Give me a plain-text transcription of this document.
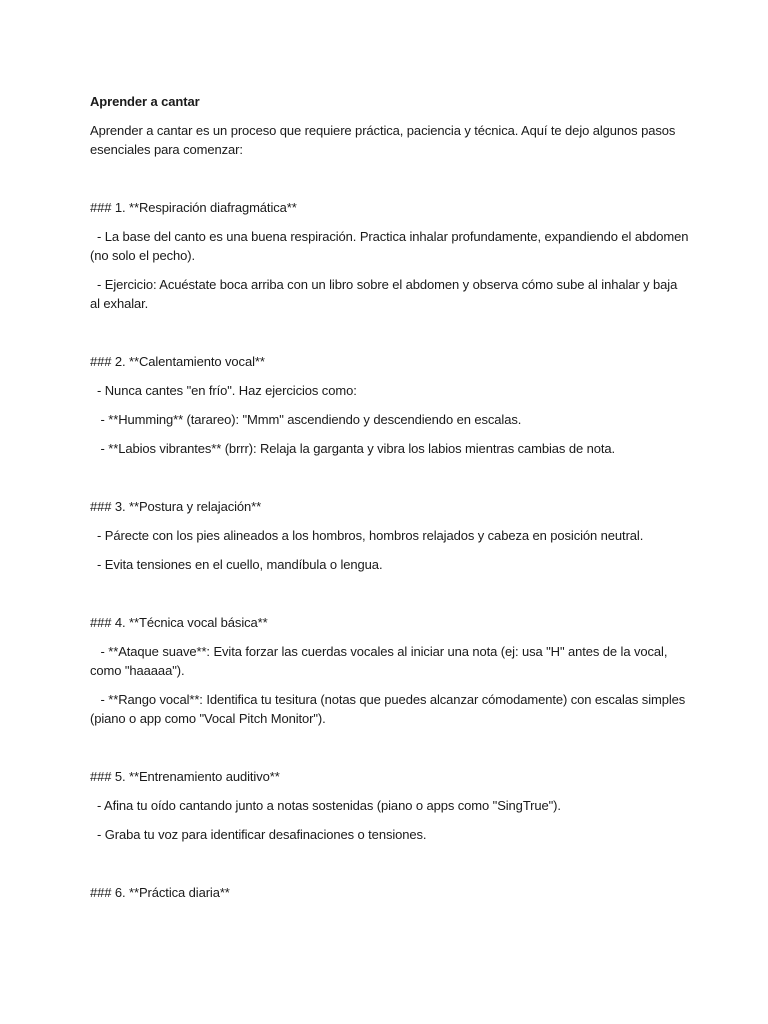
Aprender a cantar
Aprender a cantar es un proceso que requiere práctica, paciencia y técnica. Aquí te dejo algunos pasos esenciales para comenzar:
### 1. **Respiración diafragmática**
- La base del canto es una buena respiración. Practica inhalar profundamente, expandiendo el abdomen (no solo el pecho).
- Ejercicio: Acuéstate boca arriba con un libro sobre el abdomen y observa cómo sube al inhalar y baja al exhalar.
### 2. **Calentamiento vocal**
- Nunca cantes "en frío". Haz ejercicios como:
- **Humming** (tarareo): "Mmm" ascendiendo y descendiendo en escalas.
- **Labios vibrantes** (brrr): Relaja la garganta y vibra los labios mientras cambias de nota.
### 3. **Postura y relajación**
- Párecte con los pies alineados a los hombros, hombros relajados y cabeza en posición neutral.
- Evita tensiones en el cuello, mandíbula o lengua.
### 4. **Técnica vocal básica**
- **Ataque suave**: Evita forzar las cuerdas vocales al iniciar una nota (ej: usa "H" antes de la vocal, como "haaaaa").
- **Rango vocal**: Identifica tu tesitura (notas que puedes alcanzar cómodamente) con escalas simples (piano o app como "Vocal Pitch Monitor").
### 5. **Entrenamiento auditivo**
- Afina tu oído cantando junto a notas sostenidas (piano o apps como "SingTrue").
- Graba tu voz para identificar desafinaciones o tensiones.
### 6. **Práctica diaria**
